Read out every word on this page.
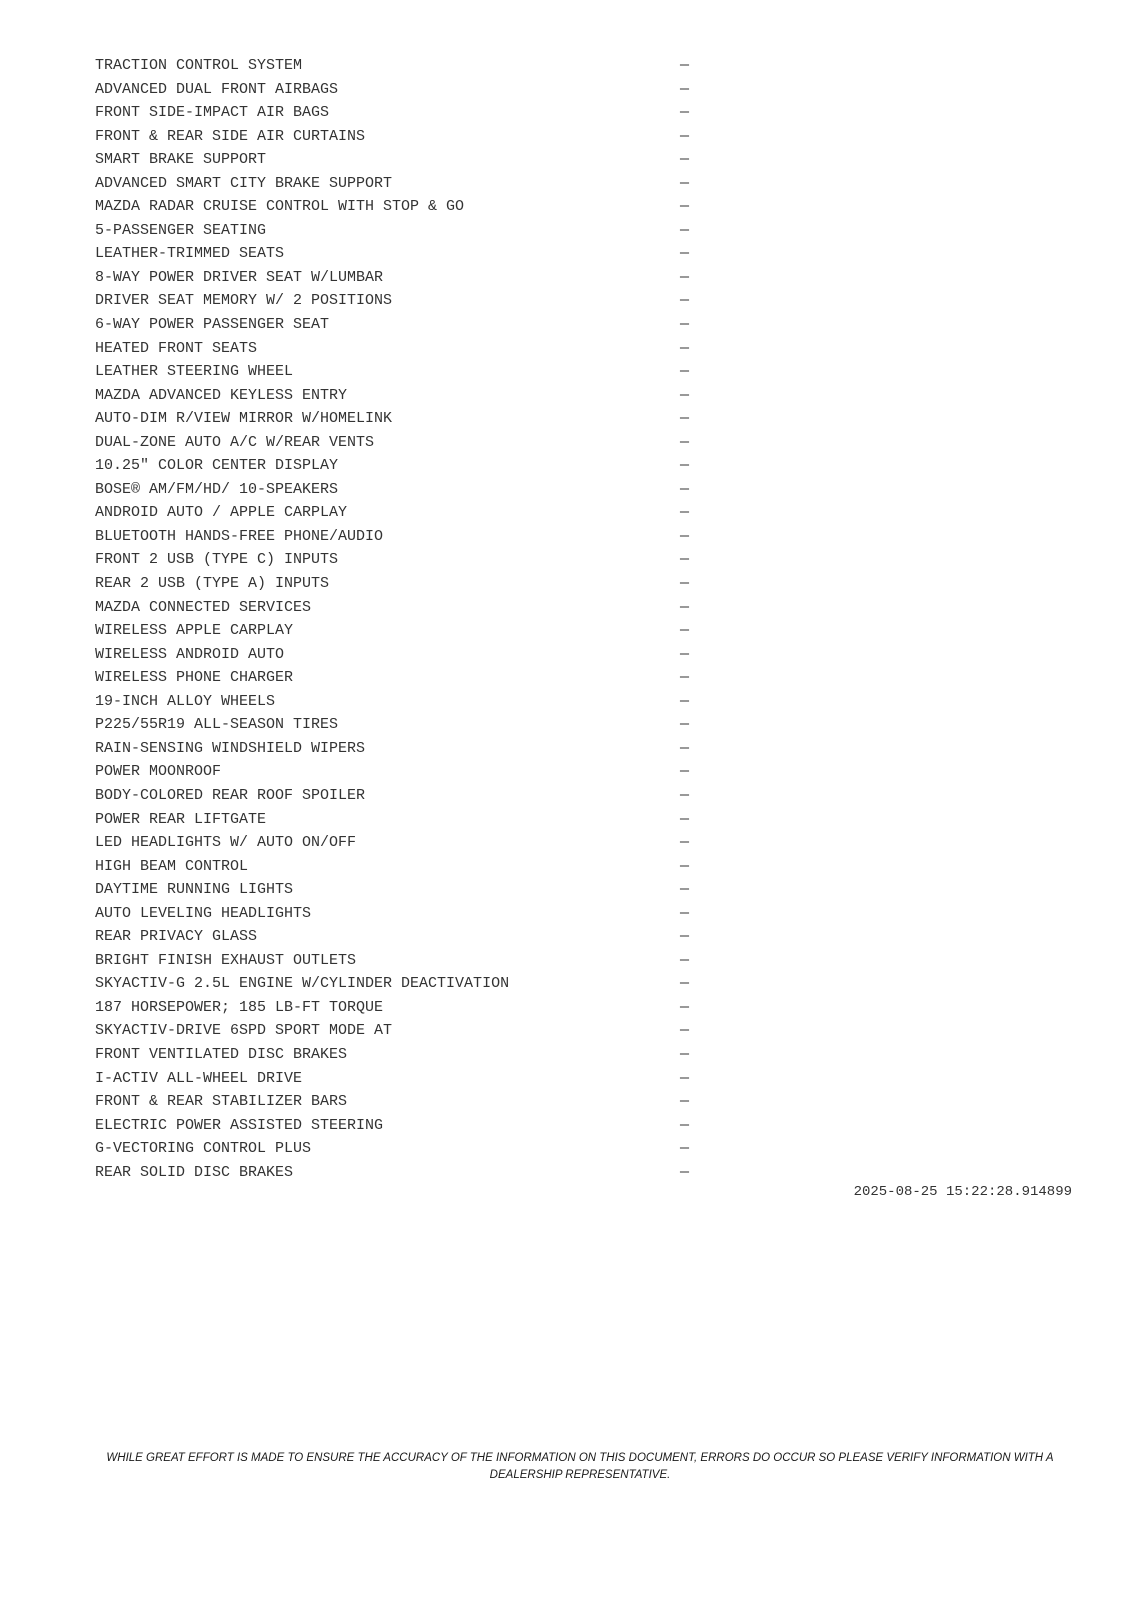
TRACTION CONTROL SYSTEM	—
ADVANCED DUAL FRONT AIRBAGS	—
FRONT SIDE-IMPACT AIR BAGS	—
FRONT & REAR SIDE AIR CURTAINS	—
SMART BRAKE SUPPORT	—
ADVANCED SMART CITY BRAKE SUPPORT	—
MAZDA RADAR CRUISE CONTROL WITH STOP & GO	—
5-PASSENGER SEATING	—
LEATHER-TRIMMED SEATS	—
8-WAY POWER DRIVER SEAT W/LUMBAR	—
DRIVER SEAT MEMORY W/ 2 POSITIONS	—
6-WAY POWER PASSENGER SEAT	—
HEATED FRONT SEATS	—
LEATHER STEERING WHEEL	—
MAZDA ADVANCED KEYLESS ENTRY	—
AUTO-DIM R/VIEW MIRROR W/HOMELINK	—
DUAL-ZONE AUTO A/C W/REAR VENTS	—
10.25" COLOR CENTER DISPLAY	—
BOSE® AM/FM/HD/ 10-SPEAKERS	—
ANDROID AUTO / APPLE CARPLAY	—
BLUETOOTH HANDS-FREE PHONE/AUDIO	—
FRONT 2 USB (TYPE C) INPUTS	—
REAR 2 USB (TYPE A) INPUTS	—
MAZDA CONNECTED SERVICES	—
WIRELESS APPLE CARPLAY	—
WIRELESS ANDROID AUTO	—
WIRELESS PHONE CHARGER	—
19-INCH ALLOY WHEELS	—
P225/55R19 ALL-SEASON TIRES	—
RAIN-SENSING WINDSHIELD WIPERS	—
POWER MOONROOF	—
BODY-COLORED REAR ROOF SPOILER	—
POWER REAR LIFTGATE	—
LED HEADLIGHTS W/ AUTO ON/OFF	—
HIGH BEAM CONTROL	—
DAYTIME RUNNING LIGHTS	—
AUTO LEVELING HEADLIGHTS	—
REAR PRIVACY GLASS	—
BRIGHT FINISH EXHAUST OUTLETS	—
SKYACTIV-G 2.5L ENGINE W/CYLINDER DEACTIVATION	—
187 HORSEPOWER; 185 LB-FT TORQUE	—
SKYACTIV-DRIVE 6SPD SPORT MODE AT	—
FRONT VENTILATED DISC BRAKES	—
I-ACTIV ALL-WHEEL DRIVE	—
FRONT & REAR STABILIZER BARS	—
ELECTRIC POWER ASSISTED STEERING	—
G-VECTORING CONTROL PLUS	—
REAR SOLID DISC BRAKES	—
2025-08-25 15:22:28.914899
WHILE GREAT EFFORT IS MADE TO ENSURE THE ACCURACY OF THE INFORMATION ON THIS DOCUMENT, ERRORS DO OCCUR SO PLEASE VERIFY INFORMATION WITH A DEALERSHIP REPRESENTATIVE.
